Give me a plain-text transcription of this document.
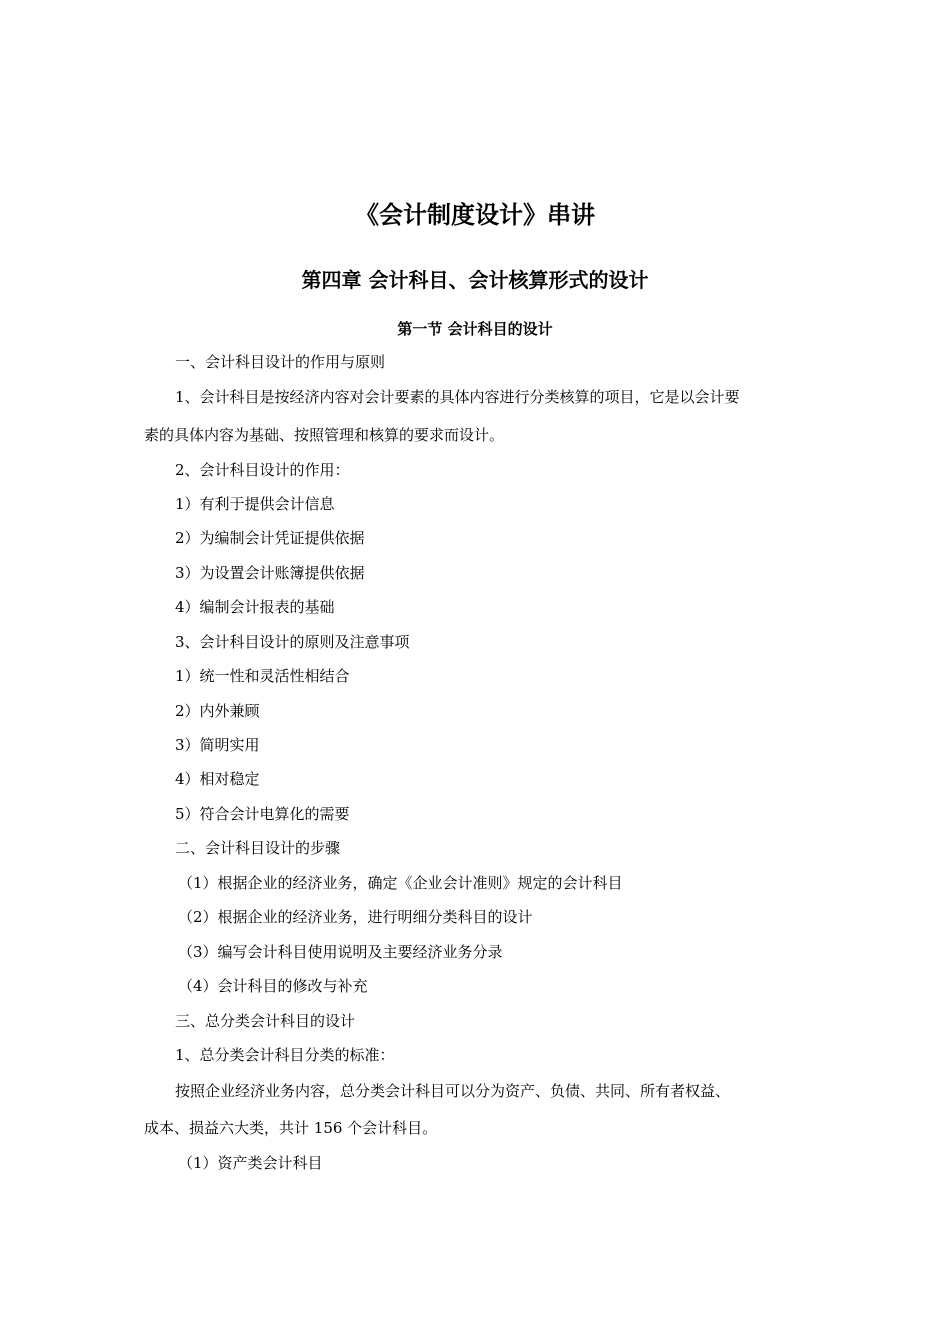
《会计制度设计》串讲
第四章 会计科目、会计核算形式的设计
第一节 会计科目的设计
一、会计科目设计的作用与原则
1、会计科目是按经济内容对会计要素的具体内容进行分类核算的项目，它是以会计要
素的具体内容为基础、按照管理和核算的要求而设计。
2、会计科目设计的作用：
1）有利于提供会计信息
2）为编制会计凭证提供依据
3）为设置会计账簿提供依据
4）编制会计报表的基础
3、会计科目设计的原则及注意事项
1）统一性和灵活性相结合
2）内外兼顾
3）简明实用
4）相对稳定
5）符合会计电算化的需要
二、会计科目设计的步骤
（1）根据企业的经济业务，确定《企业会计准则》规定的会计科目
（2）根据企业的经济业务，进行明细分类科目的设计
（3）编写会计科目使用说明及主要经济业务分录
（4）会计科目的修改与补充
三、总分类会计科目的设计
1、总分类会计科目分类的标准：
按照企业经济业务内容，总分类会计科目可以分为资产、负债、共同、所有者权益、
成本、损益六大类，共计 156 个会计科目。
（1）资产类会计科目
